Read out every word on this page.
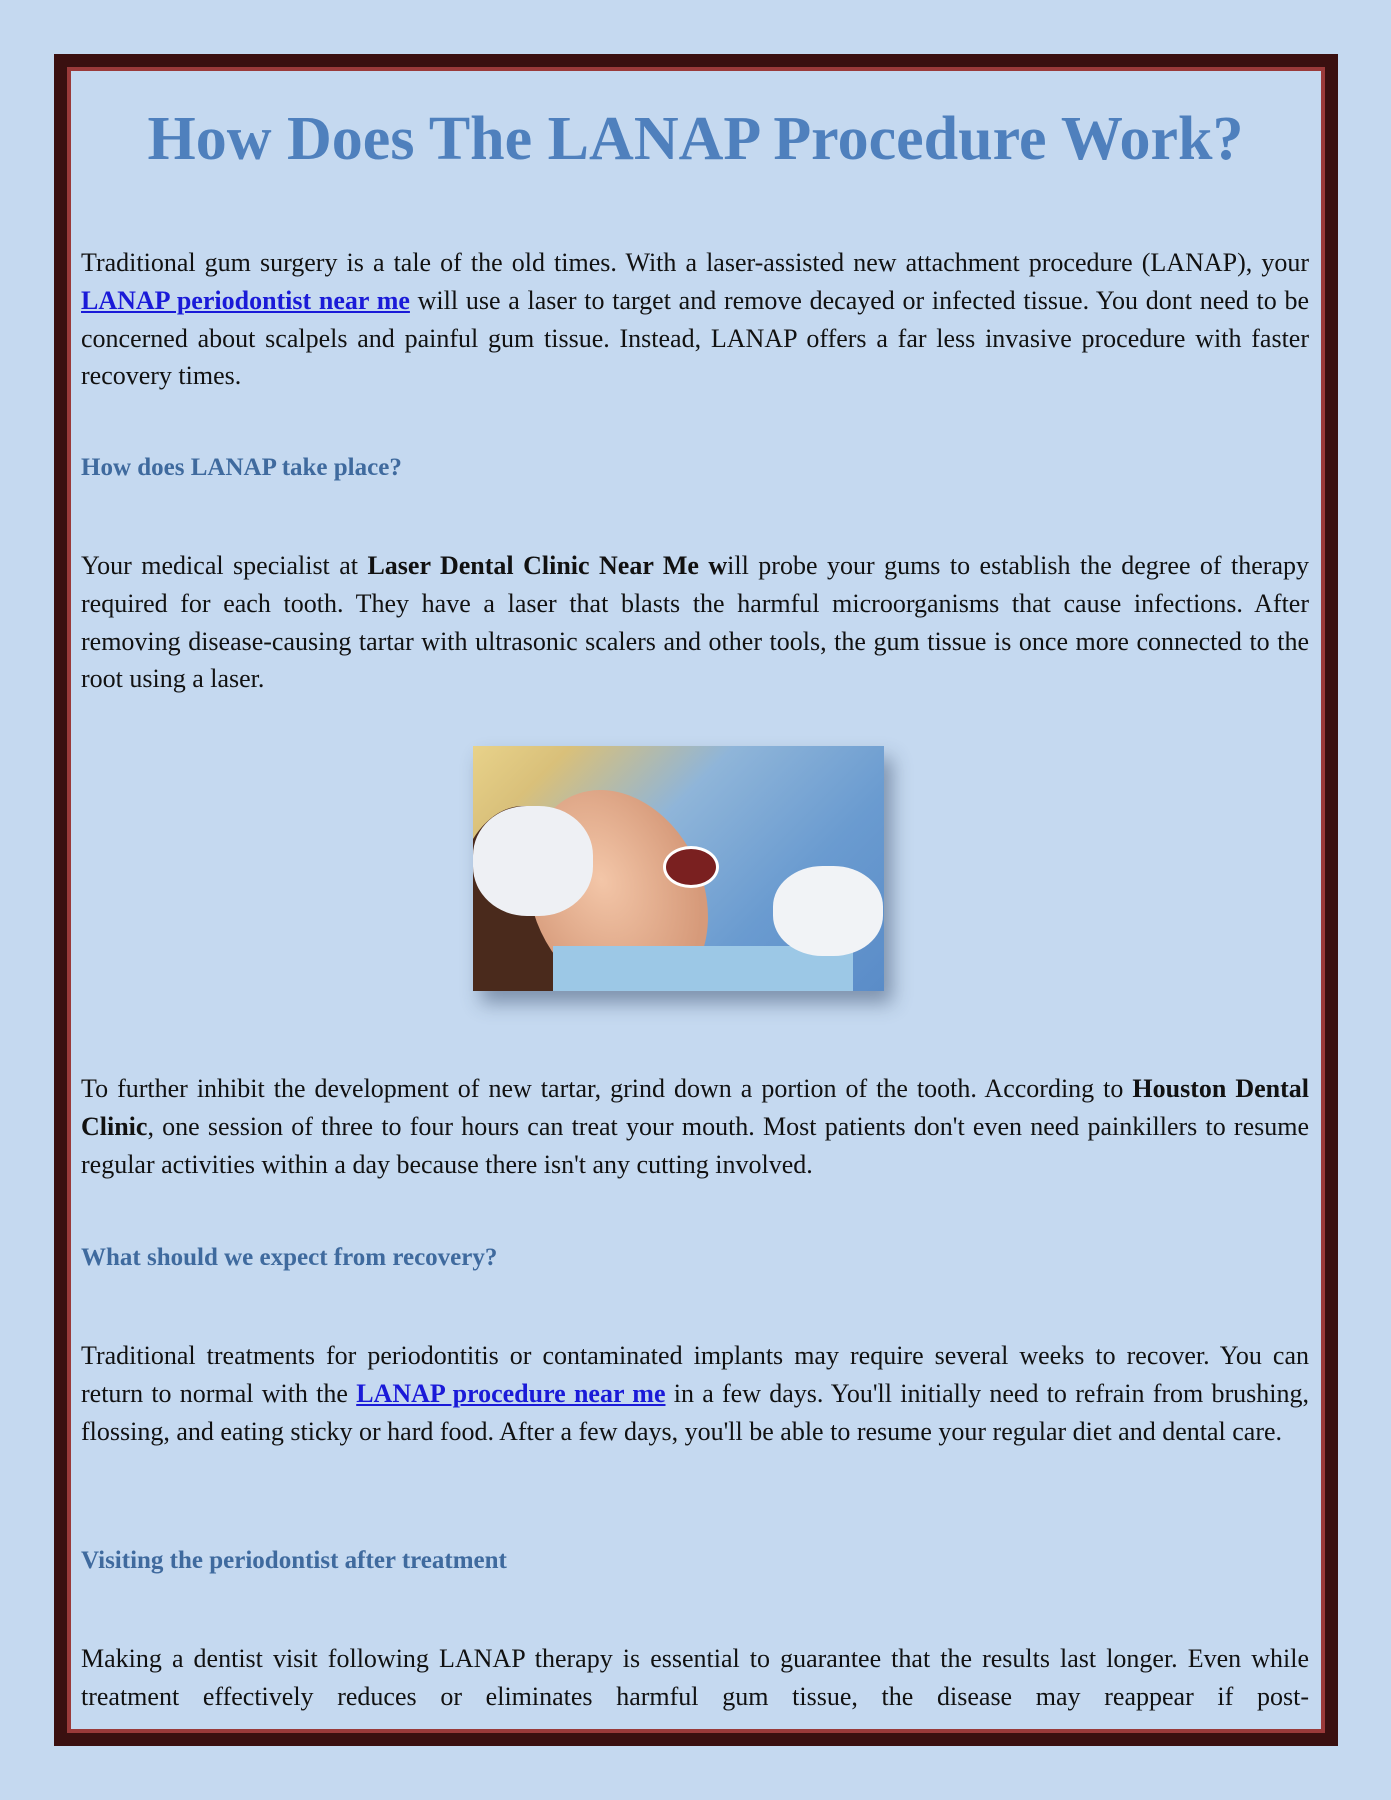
How Does The LANAP Procedure Work?
Traditional gum surgery is a tale of the old times. With a laser-assisted new attachment procedure (LANAP), your LANAP periodontist near me will use a laser to target and remove decayed or infected tissue. You dont need to be concerned about scalpels and painful gum tissue. Instead, LANAP offers a far less invasive procedure with faster recovery times.
How does LANAP take place?
Your medical specialist at Laser Dental Clinic Near Me will probe your gums to establish the degree of therapy required for each tooth. They have a laser that blasts the harmful microorganisms that cause infections. After removing disease-causing tartar with ultrasonic scalers and other tools, the gum tissue is once more connected to the root using a laser.
To further inhibit the development of new tartar, grind down a portion of the tooth. According to Houston Dental Clinic, one session of three to four hours can treat your mouth. Most patients don't even need painkillers to resume regular activities within a day because there isn't any cutting involved.
What should we expect from recovery?
Traditional treatments for periodontitis or contaminated implants may require several weeks to recover. You can return to normal with the LANAP procedure near me in a few days. You'll initially need to refrain from brushing, flossing, and eating sticky or hard food. After a few days, you'll be able to resume your regular diet and dental care.
Visiting the periodontist after treatment
Making a dentist visit following LANAP therapy is essential to guarantee that the results last longer. Even while treatment effectively reduces or eliminates harmful gum tissue, the disease may reappear if post-
